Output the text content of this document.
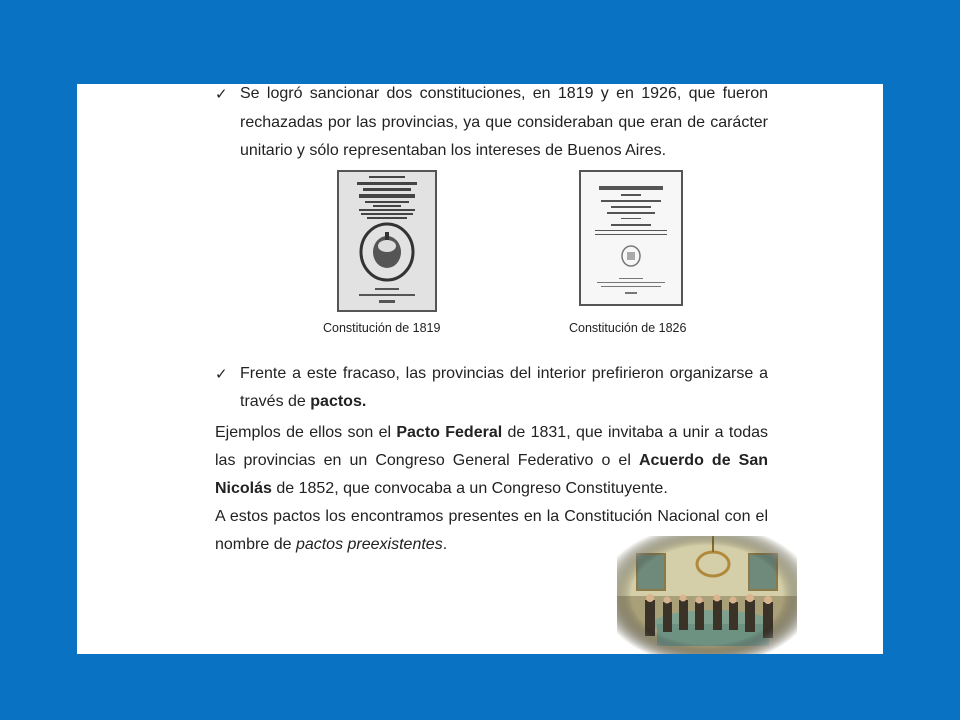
✓ Se logró sancionar dos constituciones, en 1819 y en 1926, que fueron rechazadas por las provincias, ya que consideraban que eran de carácter unitario y sólo representaban los intereses de Buenos Aires.
✓ Frente a este fracaso, las provincias del interior prefirieron organizarse a través de pactos.
Ejemplos de ellos son el Pacto Federal de 1831, que invitaba a unir a todas las provincias en un Congreso General Federativo o el Acuerdo de San Nicolás de 1852, que convocaba a un Congreso Constituyente.
A estos pactos los encontramos presentes en la Constitución Nacional con el nombre de pactos preexistentes.
Constitución de 1819	Constitución de 1826
